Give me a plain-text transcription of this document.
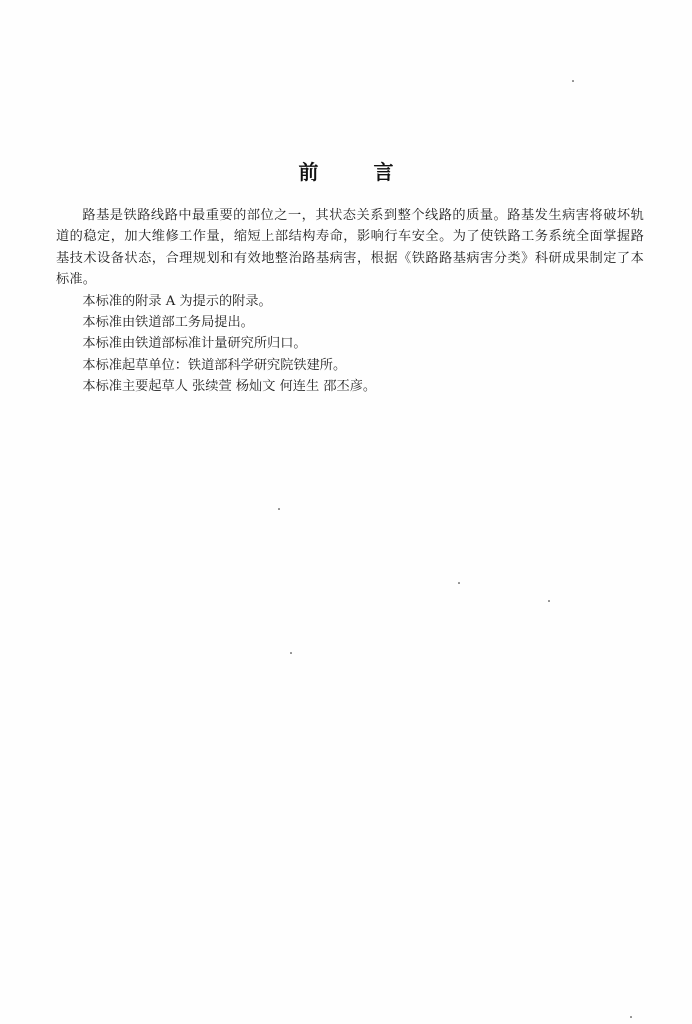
前 言

路基是铁路线路中最重要的部位之一，其状态关系到整个线路的质量。路基发生病害将破坏轨道的稳定，加大维修工作量，缩短上部结构寿命，影响行车安全。为了使铁路工务系统全面掌握路基技术设备状态，合理规划和有效地整治路基病害，根据《铁路路基病害分类》科研成果制定了本标准。

本标准的附录 A 为提示的附录。

本标准由铁道部工务局提出。

本标准由铁道部标准计量研究所归口。

本标准起草单位：铁道部科学研究院铁建所。

本标准主要起草人 张续萱 杨灿文 何连生 邵丕彦。
